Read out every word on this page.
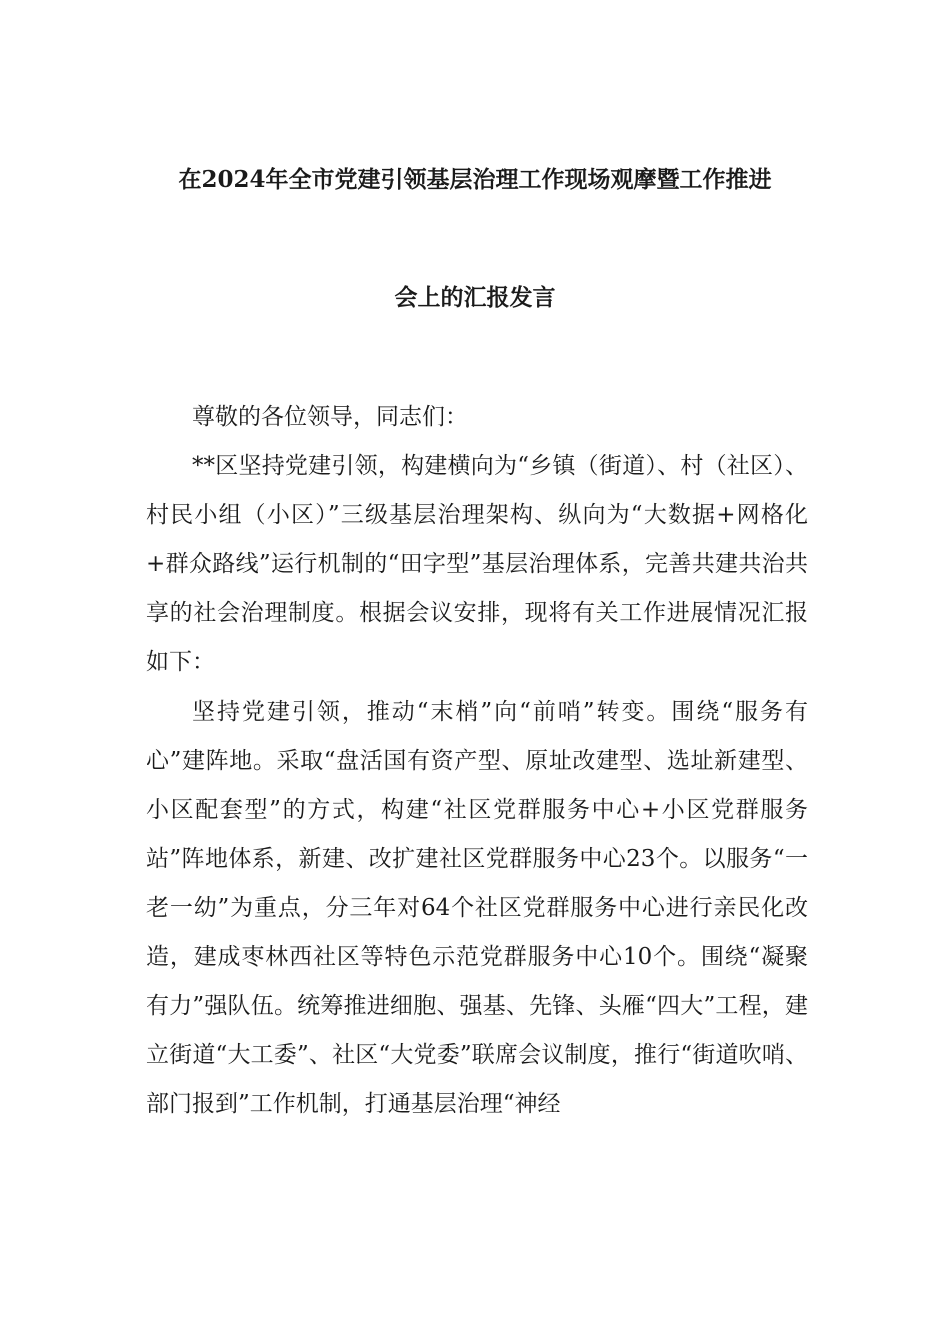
在2024年全市党建引领基层治理工作现场观摩暨工作推进
会上的汇报发言

尊敬的各位领导，同志们：

**区坚持党建引领，构建横向为“乡镇（街道）、村（社区）、村民小组（小区）”三级基层治理架构、纵向为“大数据+网格化+群众路线”运行机制的“田字型”基层治理体系，完善共建共治共享的社会治理制度。根据会议安排，现将有关工作进展情况汇报如下：

坚持党建引领，推动“末梢”向“前哨”转变。围绕“服务有心”建阵地。采取“盘活国有资产型、原址改建型、选址新建型、小区配套型”的方式，构建“社区党群服务中心+小区党群服务站”阵地体系，新建、改扩建社区党群服务中心23个。以服务“一老一幼”为重点，分三年对64个社区党群服务中心进行亲民化改造，建成枣林西社区等特色示范党群服务中心10个。围绕“凝聚有力”强队伍。统筹推进细胞、强基、先锋、头雁“四大”工程，建立街道“大工委”、社区“大党委”联席会议制度，推行“街道吹哨、部门报到”工作机制，打通基层治理“神经
